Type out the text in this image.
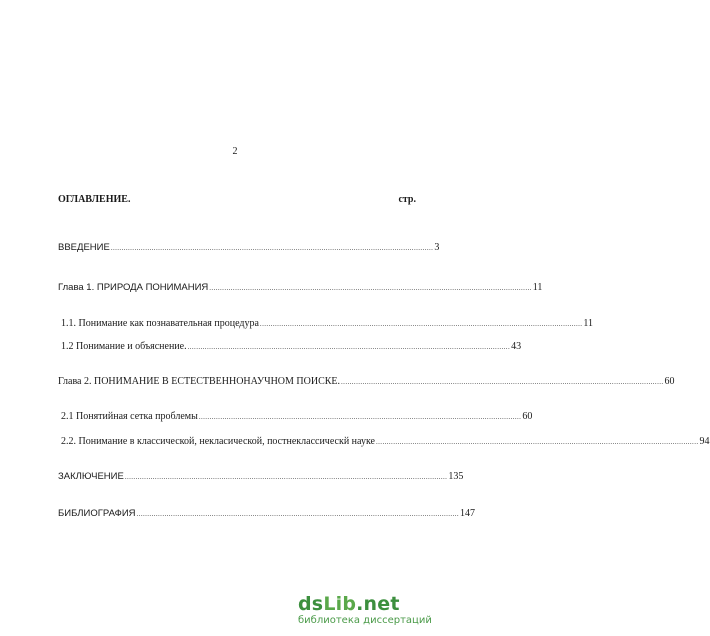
2
ОГЛАВЛЕНИЕ.	стр.
ВВЕДЕНИЕ ...................................................................................................................................................... 3
Глава 1. ПРИРОДА ПОНИМАНИЯ ...................................................................................................................................................... 11
1.1. Понимание как познавательная процедура ...................................................................................................................................................... 11
1.2 Понимание и объяснение. ...................................................................................................................................................... 43
Глава 2. ПОНИМАНИЕ В ЕСТЕСТВЕННОНАУЧНОМ ПОИСКЕ. ...................................................................................................................................................... 60
2.1 Понятийная сетка проблемы ...................................................................................................................................................... 60
2.2. Понимание в классической, некласической, постнеклассическй науке ...................................................................................................................................................... 94
ЗАКЛЮЧЕНИЕ ...................................................................................................................................................... 135
БИБЛИОГРАФИЯ ...................................................................................................................................................... 147
dsLib.net
библиотека диссертаций
